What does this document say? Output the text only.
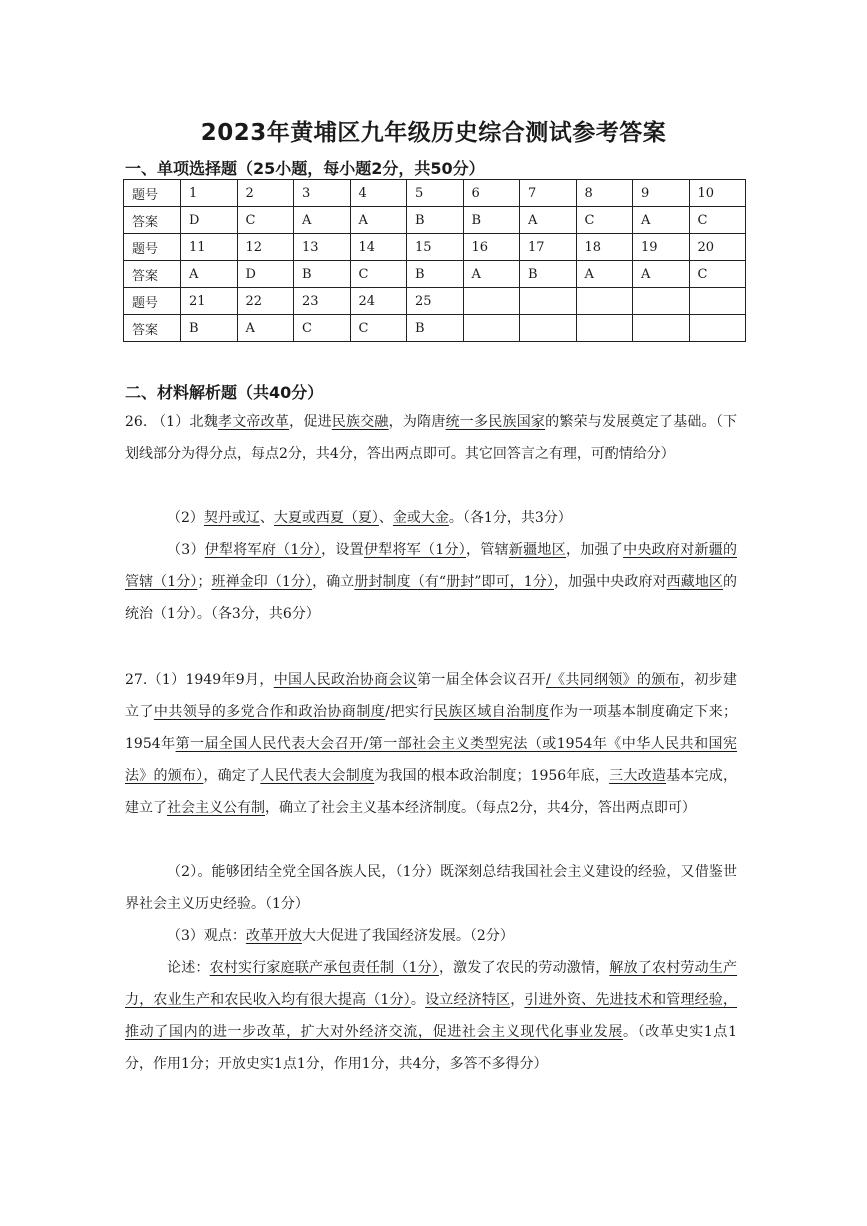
2023年黄埔区九年级历史综合测试参考答案
一、单项选择题（25小题，每小题2分，共50分）
题号	1	2	3	4	5	6	7	8	9	10
答案	D	C	A	A	B	B	A	C	A	C
题号	11	12	13	14	15	16	17	18	19	20
答案	A	D	B	C	B	A	B	A	A	C
题号	21	22	23	24	25					
答案	B	A	C	C	B					
二、材料解析题（共40分）
26. （1）北魏孝文帝改革，促进民族交融，为隋唐统一多民族国家的繁荣与发展奠定了基础。（下划线部分为得分点，每点2分，共4分，答出两点即可。其它回答言之有理，可酌情给分）
（2）契丹或辽、大夏或西夏（夏）、金或大金。（各1分，共3分）
（3）伊犁将军府（1分），设置伊犁将军（1分），管辖新疆地区，加强了中央政府对新疆的管辖（1分）；班禅金印（1分），确立册封制度（有“册封”即可，1分），加强中央政府对西藏地区的统治（1分）。（各3分，共6分）
27.（1）1949年9月，中国人民政治协商会议第一届全体会议召开/《共同纲领》的颁布，初步建立了中共领导的多党合作和政治协商制度/把实行民族区域自治制度作为一项基本制度确定下来；1954年第一届全国人民代表大会召开/第一部社会主义类型宪法（或1954年《中华人民共和国宪法》的颁布），确定了人民代表大会制度为我国的根本政治制度；1956年底，三大改造基本完成，建立了社会主义公有制，确立了社会主义基本经济制度。（每点2分，共4分，答出两点即可）
（2）。能够团结全党全国各族人民，（1分）既深刻总结我国社会主义建设的经验，又借鉴世界社会主义历史经验。（1分）
（3）观点：改革开放大大促进了我国经济发展。（2分）
论述：农村实行家庭联产承包责任制（1分），激发了农民的劳动激情，解放了农村劳动生产力，农业生产和农民收入均有很大提高（1分）。设立经济特区，引进外资、先进技术和管理经验，推动了国内的进一步改革，扩大对外经济交流，促进社会主义现代化事业发展。（改革史实1点1分，作用1分；开放史实1点1分，作用1分，共4分，多答不多得分）
